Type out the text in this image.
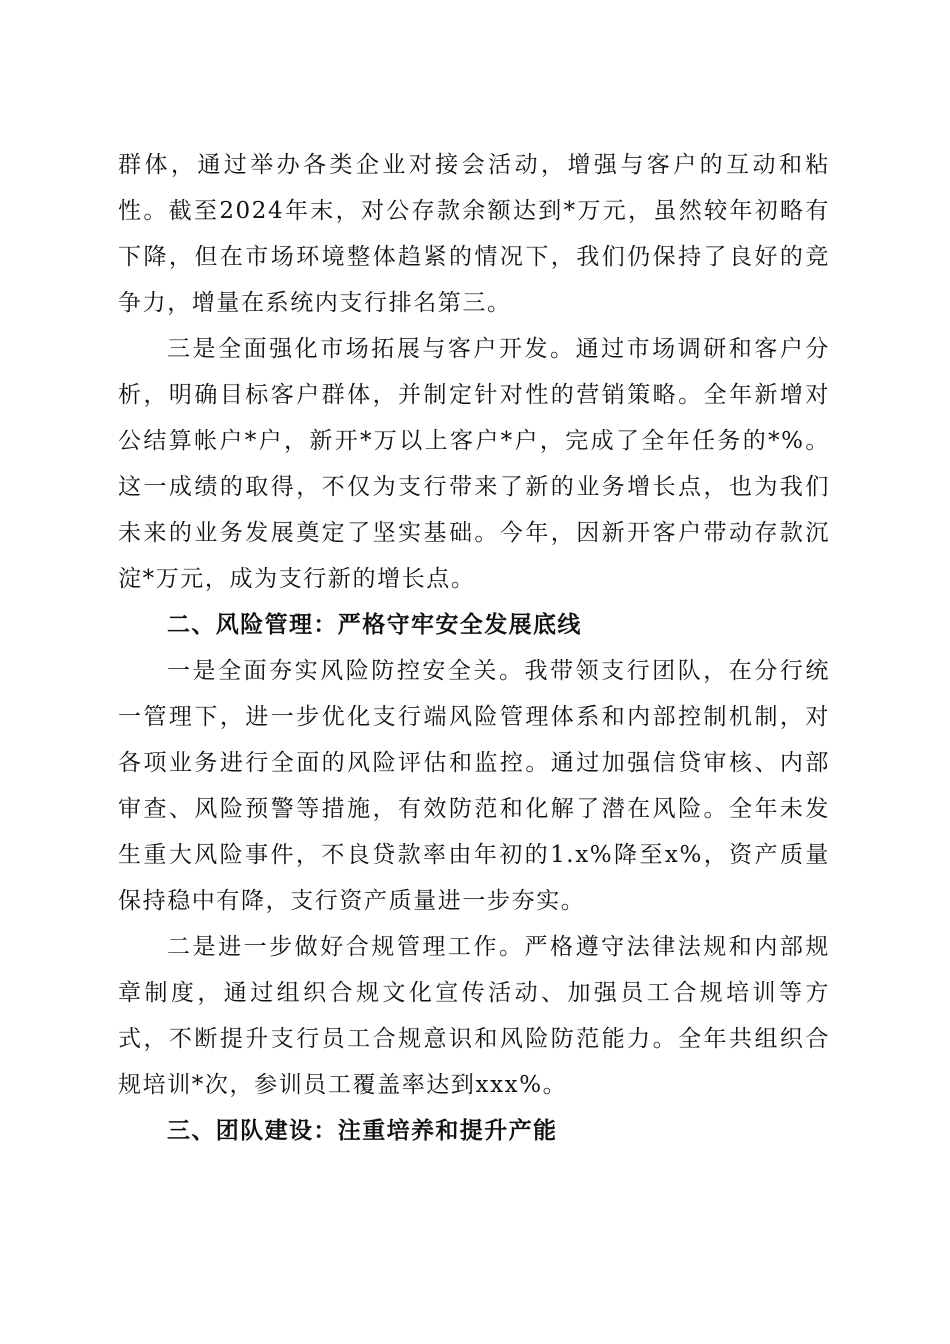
群体，通过举办各类企业对接会活动，增强与客户的互动和粘性。截至2024年末，对公存款余额达到*万元，虽然较年初略有下降，但在市场环境整体趋紧的情况下，我们仍保持了良好的竞争力，增量在系统内支行排名第三。

三是全面强化市场拓展与客户开发。通过市场调研和客户分析，明确目标客户群体，并制定针对性的营销策略。全年新增对公结算帐户*户，新开*万以上客户*户，完成了全年任务的*%。这一成绩的取得，不仅为支行带来了新的业务增长点，也为我们未来的业务发展奠定了坚实基础。今年，因新开客户带动存款沉淀*万元，成为支行新的增长点。

二、风险管理：严格守牢安全发展底线

一是全面夯实风险防控安全关。我带领支行团队，在分行统一管理下，进一步优化支行端风险管理体系和内部控制机制，对各项业务进行全面的风险评估和监控。通过加强信贷审核、内部审查、风险预警等措施，有效防范和化解了潜在风险。全年未发生重大风险事件，不良贷款率由年初的1.x%降至x%，资产质量保持稳中有降，支行资产质量进一步夯实。

二是进一步做好合规管理工作。严格遵守法律法规和内部规章制度，通过组织合规文化宣传活动、加强员工合规培训等方式，不断提升支行员工合规意识和风险防范能力。全年共组织合规培训*次，参训员工覆盖率达到xxx%。

三、团队建设：注重培养和提升产能
